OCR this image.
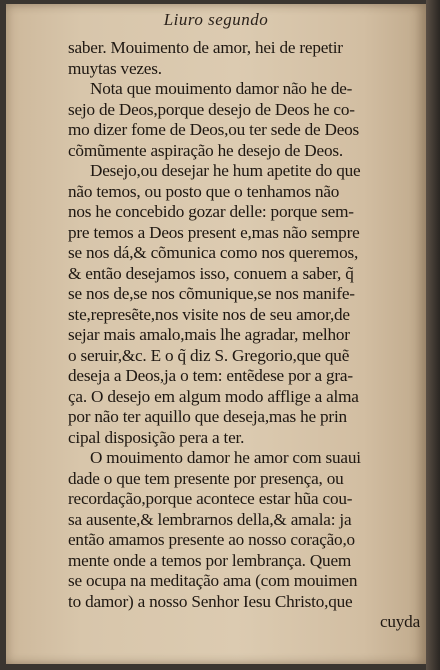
Liuro segundo
saber. Mouimento de amor, hei de repetir
muytas vezes.
Nota que mouimento damor não he de-
sejo de Deos,porque desejo de Deos he co-
mo dizer fome de Deos,ou ter sede de Deos
cõmũmente aspiração he desejo de Deos.
Desejo,ou desejar he hum apetite do que
não temos, ou posto que o tenhamos não
nos he concebido gozar delle: porque sem-
pre temos a Deos present e,mas não sempre
se nos dá,& cõmunica como nos queremos,
& então desejamos isso, conuem a saber, q̃
se nos de,se nos cõmunique,se nos manife-
ste,represẽte,nos visite nos de seu amor,de
sejar mais amalo,mais lhe agradar, melhor
o seruir,&c. E o q̃ diz S. Gregorio,que quẽ
deseja a Deos,ja o tem: entẽdese por a gra-
ça. O desejo em algum modo afflige a alma
por não ter aquillo que deseja,mas he prin
cipal disposição pera a ter.
O mouimento damor he amor com suaui
dade o que tem presente por presença, ou
recordação,porque acontece estar hũa cou-
sa ausente,& lembrarnos della,& amala: ja
então amamos presente ao nosso coração,o
mente onde a temos por lembrança. Quem
se ocupa na meditação ama (com mouimen
to damor) a nosso Senhor Iesu Christo,que
cuyda
